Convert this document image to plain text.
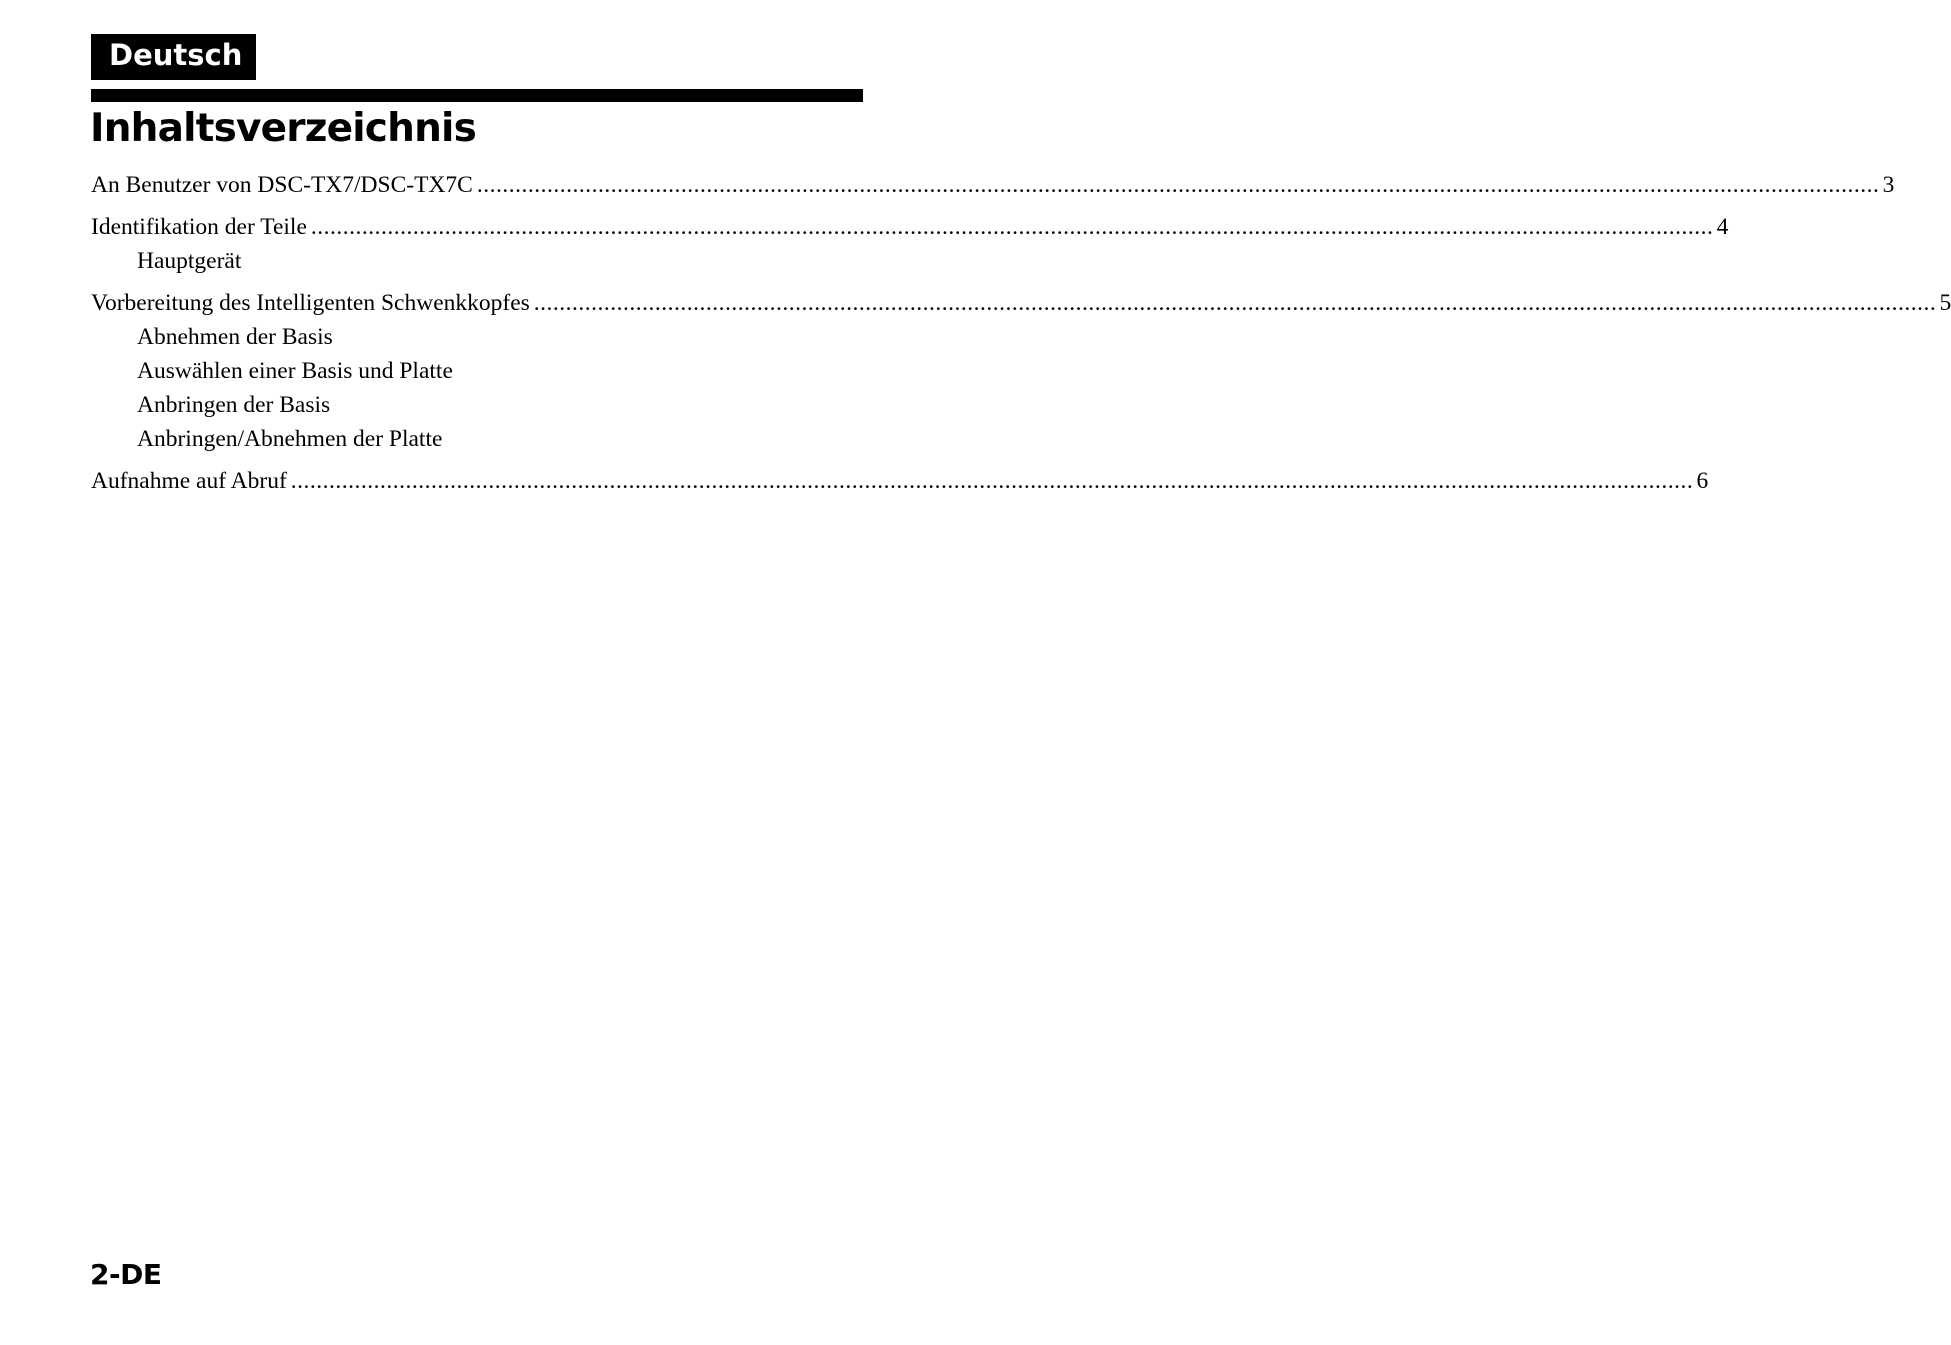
Deutsch
Inhaltsverzeichnis
An Benutzer von DSC-TX7/DSC-TX7C ............................................................................................................................................................................................................................ 3
Identifikation der Teile ............................................................................................................................................................................................................................ 4
Hauptgerät
Vorbereitung des Intelligenten Schwenkkopfes ............................................................................................................................................................................................................................ 5
Abnehmen der Basis
Auswählen einer Basis und Platte
Anbringen der Basis
Anbringen/Abnehmen der Platte
Aufnahme auf Abruf ............................................................................................................................................................................................................................ 6
2-DE
